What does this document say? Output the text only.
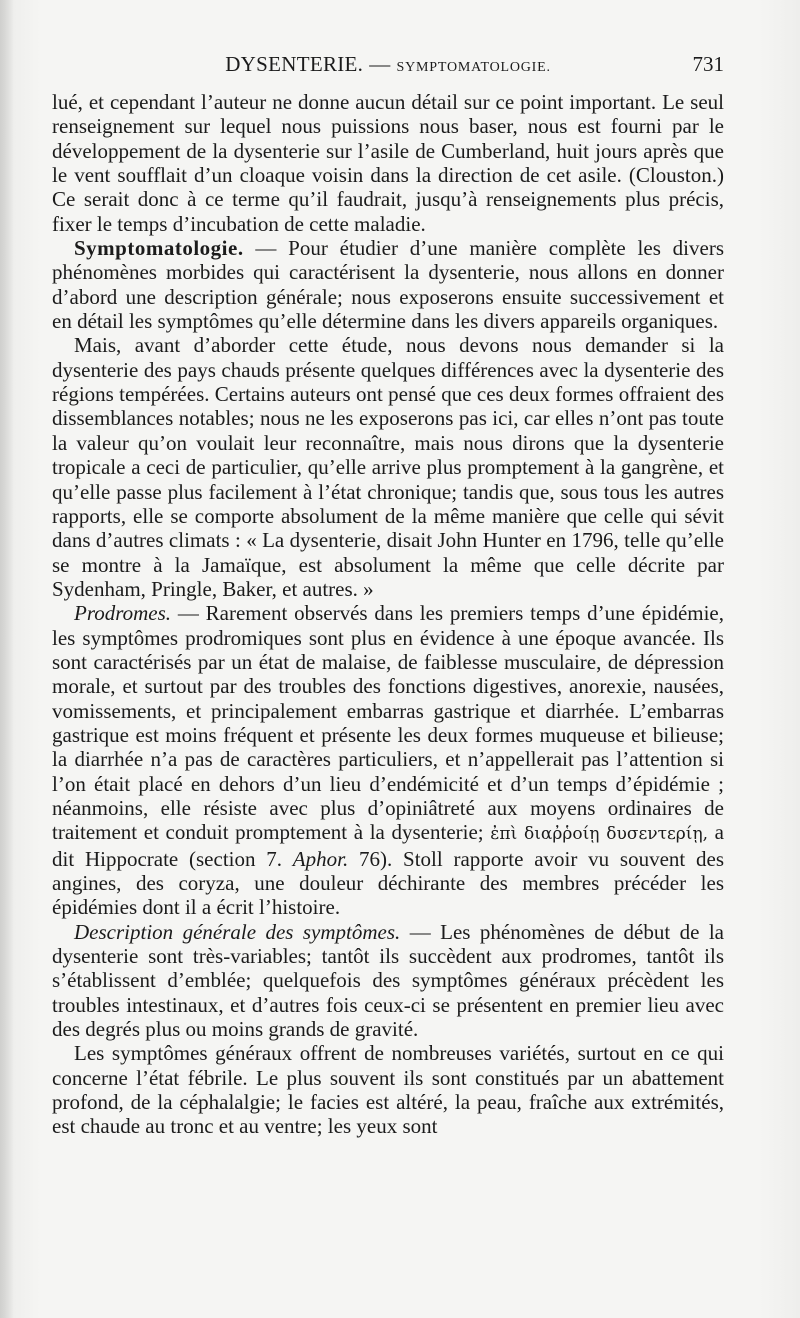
DYSENTERIE. — SYMPTOMATOLOGIE.	731

lué, et cependant l’auteur ne donne aucun détail sur ce point important. Le seul renseignement sur lequel nous puissions nous baser, nous est fourni par le développement de la dysenterie sur l’asile de Cumberland, huit jours après que le vent soufflait d’un cloaque voisin dans la direction de cet asile. (Clouston.) Ce serait donc à ce terme qu’il faudrait, jusqu’à renseignements plus précis, fixer le temps d’incubation de cette maladie.

Symptomatologie. — Pour étudier d’une manière complète les divers phénomènes morbides qui caractérisent la dysenterie, nous allons en donner d’abord une description générale; nous exposerons ensuite successivement et en détail les symptômes qu’elle détermine dans les divers appareils organiques.

Mais, avant d’aborder cette étude, nous devons nous demander si la dysenterie des pays chauds présente quelques différences avec la dysenterie des régions tempérées. Certains auteurs ont pensé que ces deux formes offraient des dissemblances notables; nous ne les exposerons pas ici, car elles n’ont pas toute la valeur qu’on voulait leur reconnaître, mais nous dirons que la dysenterie tropicale a ceci de particulier, qu’elle arrive plus promptement à la gangrène, et qu’elle passe plus facilement à l’état chronique; tandis que, sous tous les autres rapports, elle se comporte absolument de la même manière que celle qui sévit dans d’autres climats : « La dysenterie, disait John Hunter en 1796, telle qu’elle se montre à la Jamaïque, est absolument la même que celle décrite par Sydenham, Pringle, Baker, et autres. »

Prodromes. — Rarement observés dans les premiers temps d’une épidémie, les symptômes prodromiques sont plus en évidence à une époque avancée. Ils sont caractérisés par un état de malaise, de faiblesse musculaire, de dépression morale, et surtout par des troubles des fonctions digestives, anorexie, nausées, vomissements, et principalement embarras gastrique et diarrhée. L’embarras gastrique est moins fréquent et présente les deux formes muqueuse et bilieuse; la diarrhée n’a pas de caractères particuliers, et n’appellerait pas l’attention si l’on était placé en dehors d’un lieu d’endémicité et d’un temps d’épidémie ; néanmoins, elle résiste avec plus d’opiniâtreté aux moyens ordinaires de traitement et conduit promptement à la dysenterie; ἐπὶ διαῤῥοίῃ δυσεντερίῃ, a dit Hippocrate (section 7. Aphor. 76). Stoll rapporte avoir vu souvent des angines, des coryza, une douleur déchirante des membres précéder les épidémies dont il a écrit l’histoire.

Description générale des symptômes. — Les phénomènes de début de la dysenterie sont très-variables; tantôt ils succèdent aux prodromes, tantôt ils s’établissent d’emblée; quelquefois des symptômes généraux précèdent les troubles intestinaux, et d’autres fois ceux-ci se présentent en premier lieu avec des degrés plus ou moins grands de gravité.

Les symptômes généraux offrent de nombreuses variétés, surtout en ce qui concerne l’état fébrile. Le plus souvent ils sont constitués par un abattement profond, de la céphalalgie; le facies est altéré, la peau, fraîche aux extrémités, est chaude au tronc et au ventre; les yeux sont
